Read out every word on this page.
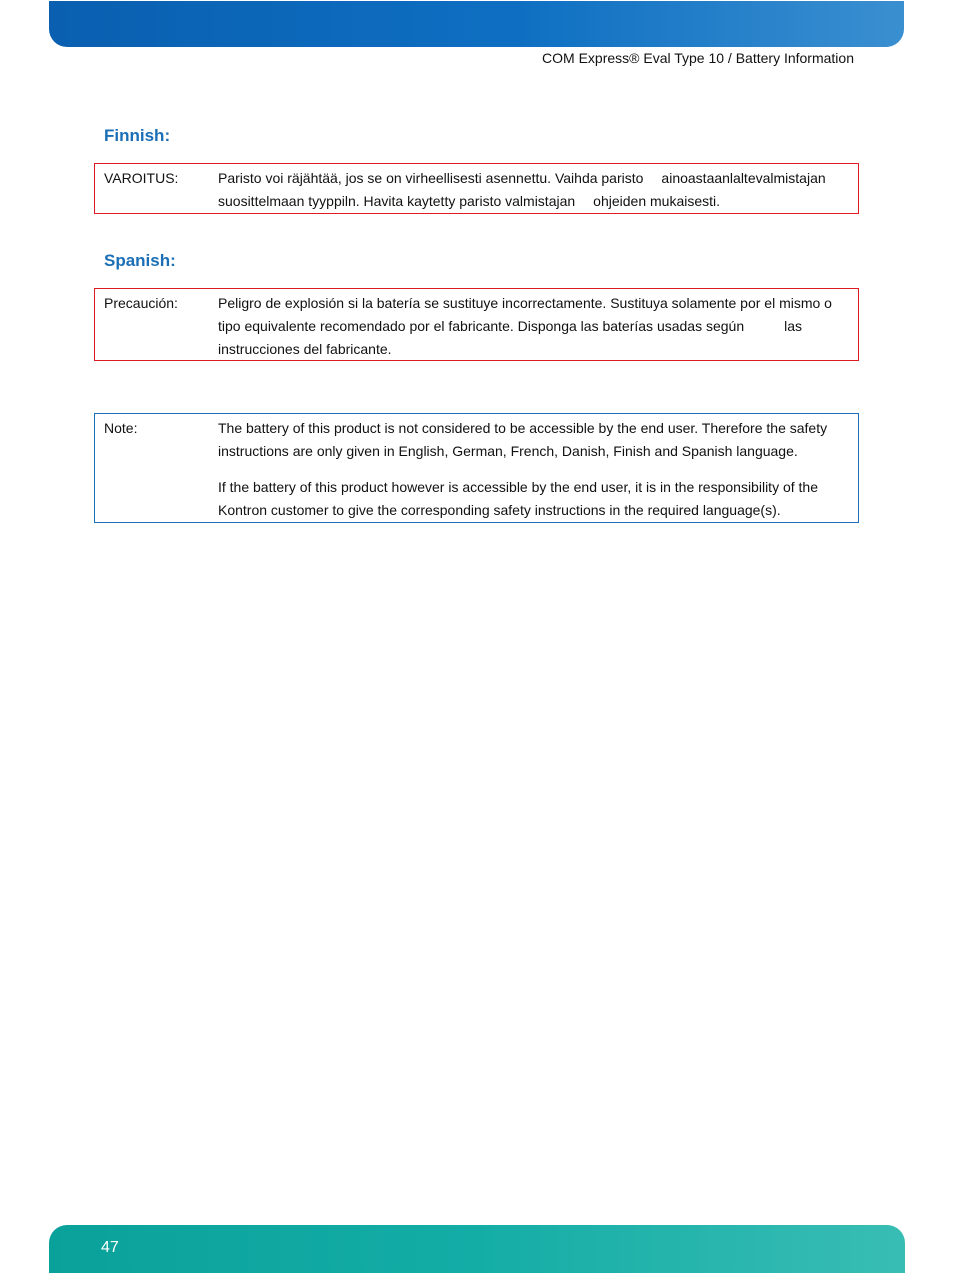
COM Express® Eval Type 10 / Battery Information
Finnish:
VAROITUS:	Paristo voi räjähtää, jos se on virheellisesti asennettu. Vaihda paristo ainoastaanlaltevalmistajan
suosittelmaan tyyppiln. Havita kaytetty paristo valmistajan ohjeiden mukaisesti.
Spanish:
Precaución:	Peligro de explosión si la batería se sustituye incorrectamente. Sustituya solamente por el mismo o
tipo equivalente recomendado por el fabricante. Disponga las baterías usadas según	las
instrucciones del fabricante.
Note:	The battery of this product is not considered to be accessible by the end user. Therefore the safety instructions are only given in English, German, French, Danish, Finish and Spanish language.

If the battery of this product however is accessible by the end user, it is in the responsibility of the Kontron customer to give the corresponding safety instructions in the required language(s).

47
